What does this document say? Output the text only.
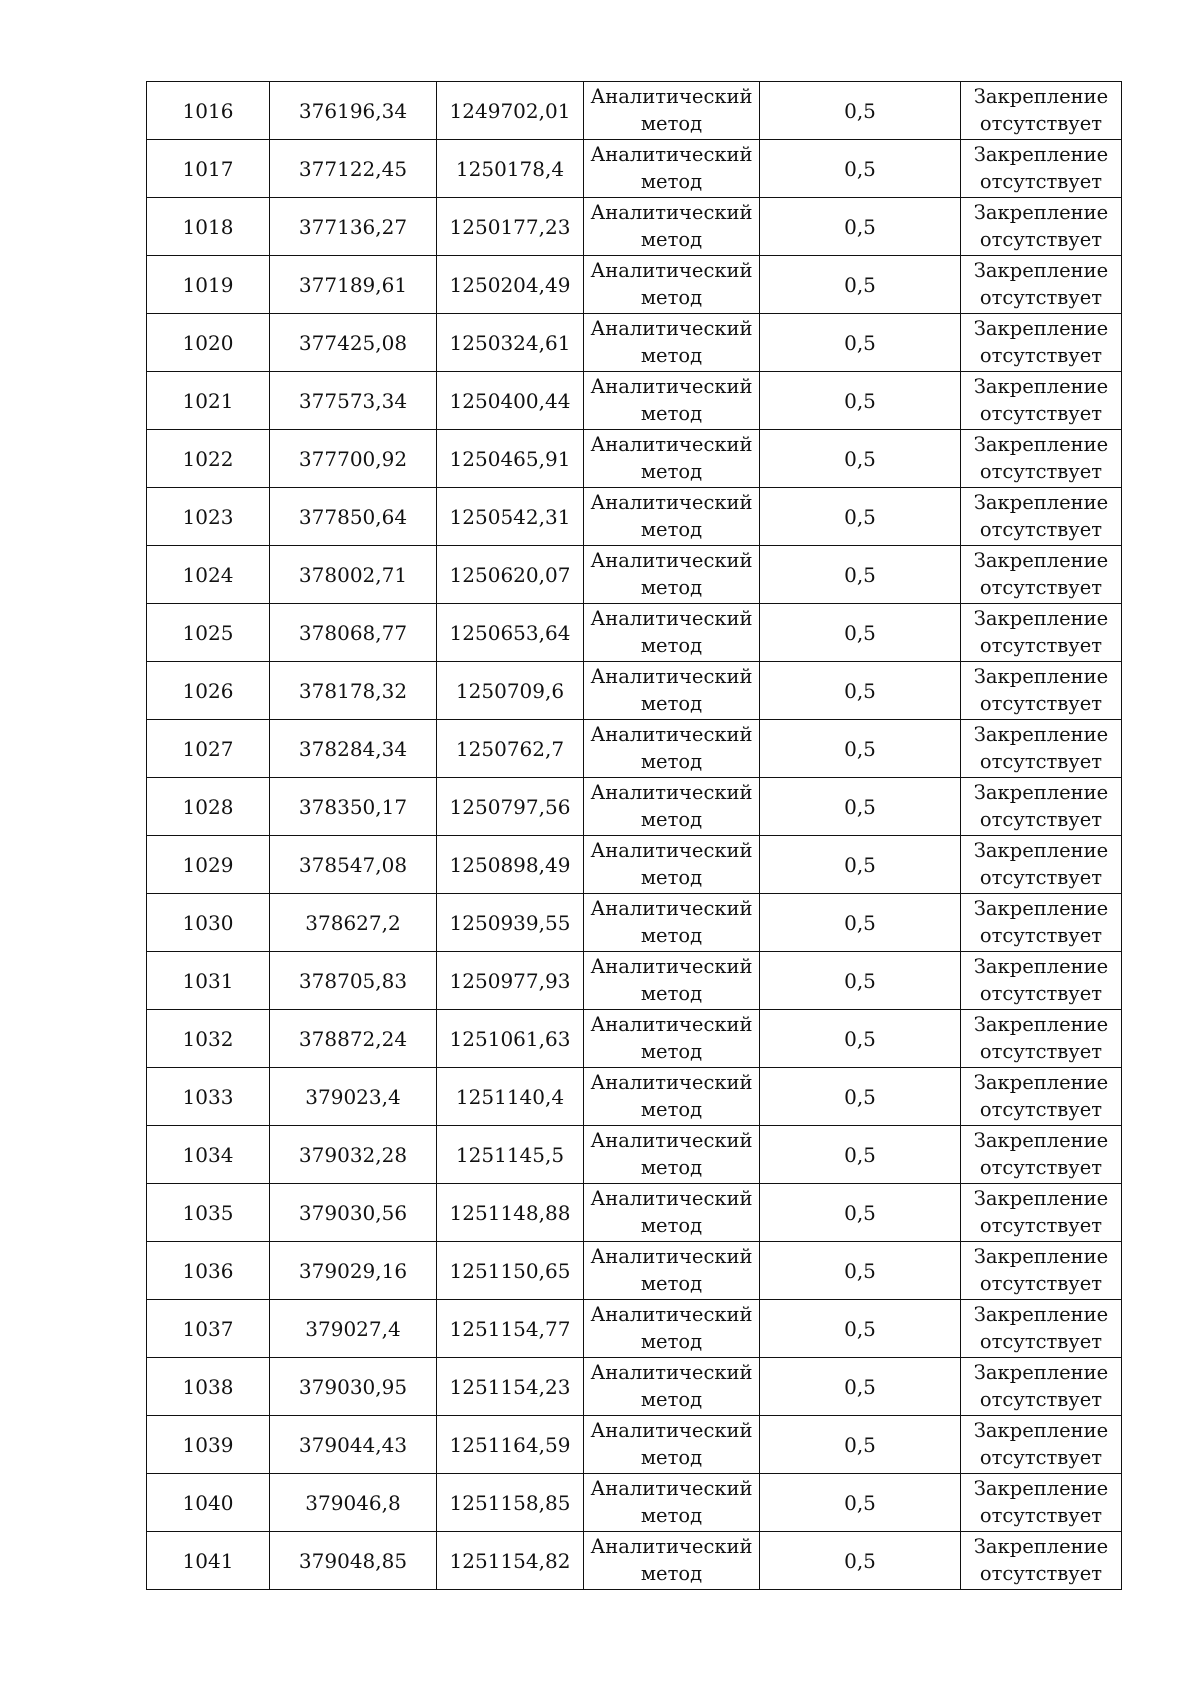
1016	376196,34	1249702,01	Аналитический
метод	0,5	Закрепление
отсутствует
1017	377122,45	1250178,4	Аналитический
метод	0,5	Закрепление
отсутствует
1018	377136,27	1250177,23	Аналитический
метод	0,5	Закрепление
отсутствует
1019	377189,61	1250204,49	Аналитический
метод	0,5	Закрепление
отсутствует
1020	377425,08	1250324,61	Аналитический
метод	0,5	Закрепление
отсутствует
1021	377573,34	1250400,44	Аналитический
метод	0,5	Закрепление
отсутствует
1022	377700,92	1250465,91	Аналитический
метод	0,5	Закрепление
отсутствует
1023	377850,64	1250542,31	Аналитический
метод	0,5	Закрепление
отсутствует
1024	378002,71	1250620,07	Аналитический
метод	0,5	Закрепление
отсутствует
1025	378068,77	1250653,64	Аналитический
метод	0,5	Закрепление
отсутствует
1026	378178,32	1250709,6	Аналитический
метод	0,5	Закрепление
отсутствует
1027	378284,34	1250762,7	Аналитический
метод	0,5	Закрепление
отсутствует
1028	378350,17	1250797,56	Аналитический
метод	0,5	Закрепление
отсутствует
1029	378547,08	1250898,49	Аналитический
метод	0,5	Закрепление
отсутствует
1030	378627,2	1250939,55	Аналитический
метод	0,5	Закрепление
отсутствует
1031	378705,83	1250977,93	Аналитический
метод	0,5	Закрепление
отсутствует
1032	378872,24	1251061,63	Аналитический
метод	0,5	Закрепление
отсутствует
1033	379023,4	1251140,4	Аналитический
метод	0,5	Закрепление
отсутствует
1034	379032,28	1251145,5	Аналитический
метод	0,5	Закрепление
отсутствует
1035	379030,56	1251148,88	Аналитический
метод	0,5	Закрепление
отсутствует
1036	379029,16	1251150,65	Аналитический
метод	0,5	Закрепление
отсутствует
1037	379027,4	1251154,77	Аналитический
метод	0,5	Закрепление
отсутствует
1038	379030,95	1251154,23	Аналитический
метод	0,5	Закрепление
отсутствует
1039	379044,43	1251164,59	Аналитический
метод	0,5	Закрепление
отсутствует
1040	379046,8	1251158,85	Аналитический
метод	0,5	Закрепление
отсутствует
1041	379048,85	1251154,82	Аналитический
метод	0,5	Закрепление
отсутствует
